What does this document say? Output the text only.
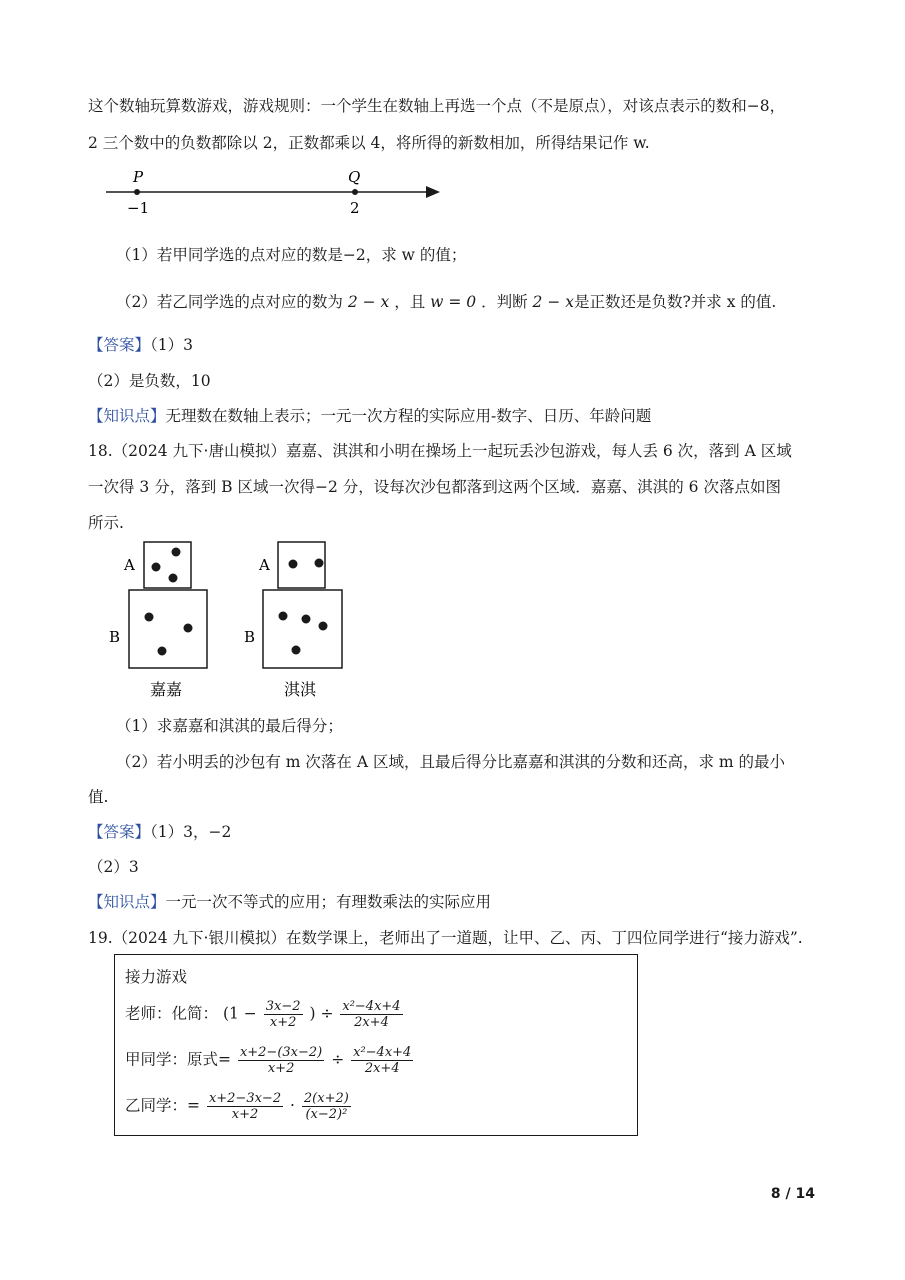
这个数轴玩算数游戏，游戏规则：一个学生在数轴上再选一个点（不是原点），对该点表示的数和−8，
2 三个数中的负数都除以 2，正数都乘以 4，将所得的新数相加，所得结果记作 w.
P	Q
−1	2
（1）若甲同学选的点对应的数是−2，求 w 的值；
（2）若乙同学选的点对应的数为 2 − x ，且 w = 0 ．判断 2 − x是正数还是负数?并求 x 的值.
【答案】（1）3
（2）是负数，10
【知识点】无理数在数轴上表示；一元一次方程的实际应用-数字、日历、年龄问题
18.（2024 九下·唐山模拟）嘉嘉、淇淇和小明在操场上一起玩丢沙包游戏，每人丢 6 次，落到 A 区域
一次得 3 分，落到 B 区域一次得−2 分，设每次沙包都落到这两个区域．嘉嘉、淇淇的 6 次落点如图
所示.
A
B
嘉嘉
A
B
淇淇
（1）求嘉嘉和淇淇的最后得分；
（2）若小明丢的沙包有 m 次落在 A 区域，且最后得分比嘉嘉和淇淇的分数和还高，求 m 的最小
值.
【答案】（1）3，−2
（2）3
【知识点】一元一次不等式的应用；有理数乘法的实际应用
19.（2024 九下·银川模拟）在数学课上，老师出了一道题，让甲、乙、丙、丁四位同学进行“接力游戏”.
接力游戏
老师：化简： ($1 - \frac{3x-2}{x+2}$ ) ÷ $\frac{\text{x²−4x+4}}{2x+4}$
甲同学：原式= $\frac{x+2-(3x-2)}{x+2} \div \frac{\text{x²−4x+4}}{2x+4}$
乙同学：= $\frac{x+2-3x-2}{x+2} \cdot \frac{2(x+2)}{\text{(x−2)²}}$
8 / 14
